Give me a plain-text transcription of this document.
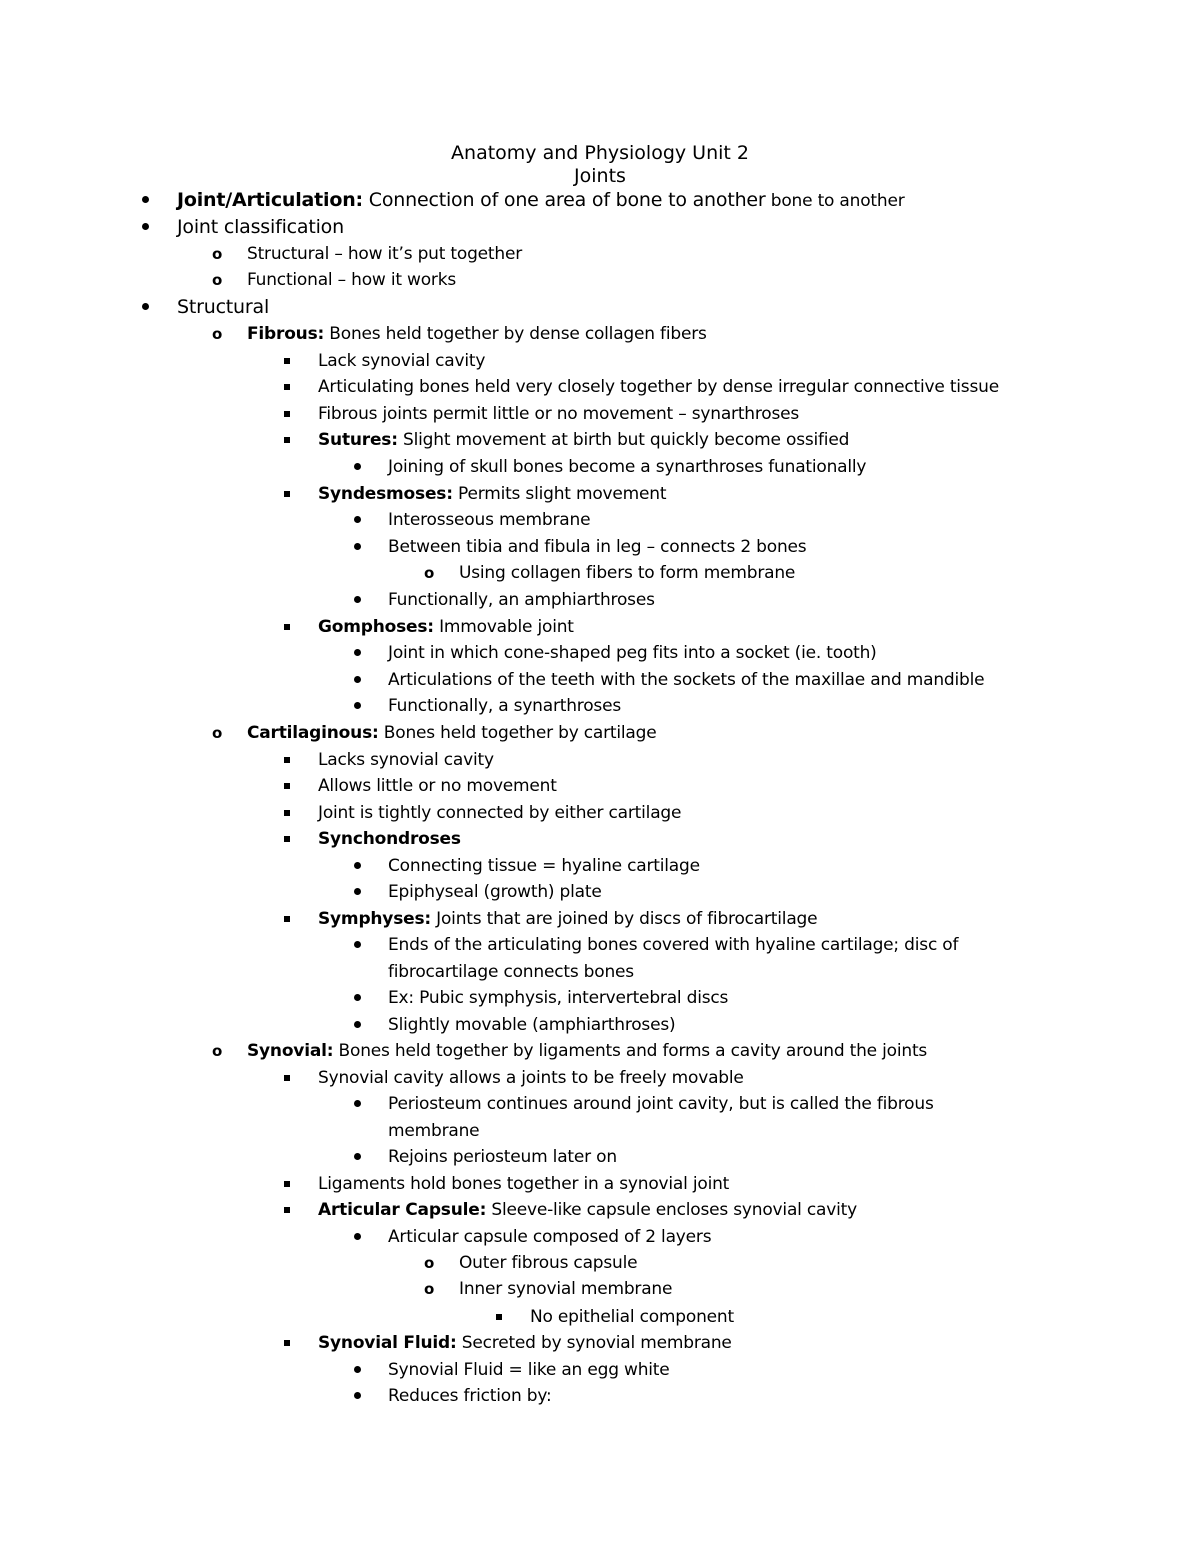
Anatomy and Physiology Unit 2
Joints
Joint/Articulation: Connection of one area of bone to another bone to another
Joint classification
o Structural – how it’s put together
o Functional – how it works
Structural
o Fibrous: Bones held together by dense collagen fibers
Lack synovial cavity
Articulating bones held very closely together by dense irregular connective tissue
Fibrous joints permit little or no movement – synarthroses
Sutures: Slight movement at birth but quickly become ossified
Joining of skull bones become a synarthroses funationally
Syndesmoses: Permits slight movement
Interosseous membrane
Between tibia and fibula in leg – connects 2 bones
o Using collagen fibers to form membrane
Functionally, an amphiarthroses
Gomphoses: Immovable joint
Joint in which cone-shaped peg fits into a socket (ie. tooth)
Articulations of the teeth with the sockets of the maxillae and mandible
Functionally, a synarthroses
o Cartilaginous: Bones held together by cartilage
Lacks synovial cavity
Allows little or no movement
Joint is tightly connected by either cartilage
Synchondroses
Connecting tissue = hyaline cartilage
Epiphyseal (growth) plate
Symphyses: Joints that are joined by discs of fibrocartilage
Ends of the articulating bones covered with hyaline cartilage; disc of
fibrocartilage connects bones
Ex: Pubic symphysis, intervertebral discs
Slightly movable (amphiarthroses)
o Synovial: Bones held together by ligaments and forms a cavity around the joints
Synovial cavity allows a joints to be freely movable
Periosteum continues around joint cavity, but is called the fibrous
membrane
Rejoins periosteum later on
Ligaments hold bones together in a synovial joint
Articular Capsule: Sleeve-like capsule encloses synovial cavity
Articular capsule composed of 2 layers
o Outer fibrous capsule
o Inner synovial membrane
No epithelial component
Synovial Fluid: Secreted by synovial membrane
Synovial Fluid = like an egg white
Reduces friction by:
